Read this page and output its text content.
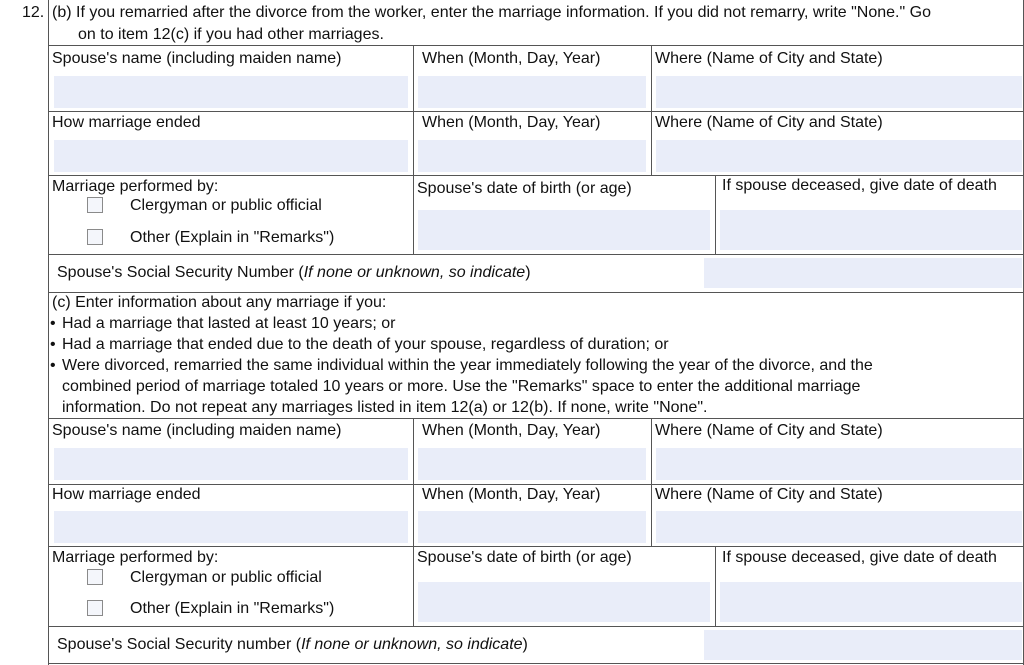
12. (b) If you remarried after the divorce from the worker, enter the marriage information. If you did not remarry, write "None." Go
on to item 12(c) if you had other marriages.
Spouse's name (including maiden name)	When (Month, Day, Year)	Where (Name of City and State)
How marriage ended	When (Month, Day, Year)	Where (Name of City and State)
Marriage performed by:
Clergyman or public official
Other (Explain in "Remarks")
Spouse's date of birth (or age)	If spouse deceased, give date of death
Spouse's Social Security Number (If none or unknown, so indicate)
(c) Enter information about any marriage if you:
• Had a marriage that lasted at least 10 years; or
• Had a marriage that ended due to the death of your spouse, regardless of duration; or
• Were divorced, remarried the same individual within the year immediately following the year of the divorce, and the
combined period of marriage totaled 10 years or more. Use the "Remarks" space to enter the additional marriage
information. Do not repeat any marriages listed in item 12(a) or 12(b). If none, write "None".
Spouse's name (including maiden name)	When (Month, Day, Year)	Where (Name of City and State)
How marriage ended	When (Month, Day, Year)	Where (Name of City and State)
Marriage performed by:
Clergyman or public official
Other (Explain in "Remarks")
Spouse's date of birth (or age)	If spouse deceased, give date of death
Spouse's Social Security number (If none or unknown, so indicate)
